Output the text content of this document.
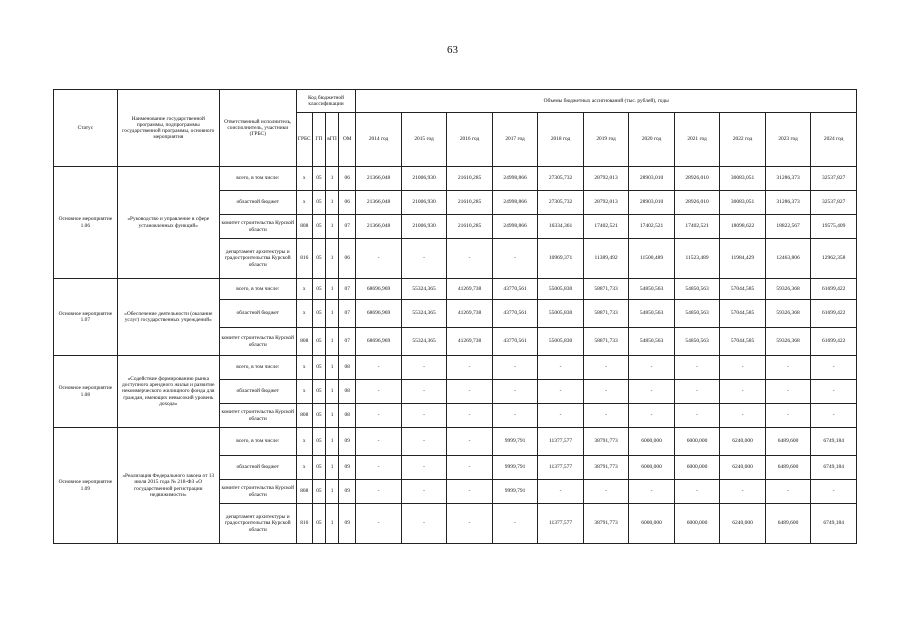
63
Статус	Наименование государственной программы, подпрограммы государственной программы, основного мероприятия	Ответственный исполнитель, соисполнитель, участники (ГРБС)	Код бюджетной классификации				Объемы бюджетных ассигнований (тыс. рублей), годы										
			ГРБС	ГП	вГП	ОМ	2014 год	2015 год	2016 год	2017 год	2018 год	2019 год	2020 год	2021 год	2022 год	2023 год	2024 год
Основное мероприятие 1.06	«Руководство и управление в сфере установленных функций»	всего, в том числе:	х	05	1	06	21366,048	21006,930	21610,285	24998,866	27305,732	28792,013	28903,010	28926,010	30083,051	31286,373	32537,827
		областной бюджет	х	05	1	06	21366,048	21006,930	21610,285	24998,866	27305,732	28792,013	28903,010	28926,010	30083,051	31286,373	32537,827
		комитет строительства Курской области	808	05	1	07	21366,048	21006,930	21610,285	24998,866	16334,361	17402,521	17402,521	17402,521	18098,622	18822,567	19575,409
		департамент архитектуры и градостроительства Курской области	816	05	1	06	-	-	-	-	10969,371	11389,492	11500,489	11523,489	11984,429	12463,806	12962,358
Основное мероприятие 1.07	«Обеспечение деятельности (оказание услуг) государственных учреждений»	всего, в том числе:	х	05	1	07	68696,969	55324,365	41269,738	43770,561	55005,830	58871,733	54850,563	54850,563	57044,585	59326,368	61699,422
		областной бюджет	х	05	1	07	68696,969	55324,365	41269,738	43770,561	55005,830	58871,733	54850,563	54850,563	57044,585	59326,368	61699,422
		комитет строительства Курской области	808	05	1	07	68696,969	55324,365	41269,738	43770,561	55005,830	58871,733	54850,563	54850,563	57044,585	59326,368	61699,422
Основное мероприятие 1.08	«Содействие формированию рынка доступного арендного жилья и развитие некоммерческого жилищного фонда для граждан, имеющих невысокий уровень дохода»	всего, в том числе:	х	05	1	08	-	-	-	-	-	-	-	-	-	-	-
		областной бюджет	х	05	1	08	-	-	-	-	-	-	-	-	-	-	-
		комитет строительства Курской области	808	05	1	08	-	-	-	-	-	-	-	-	-	-	-
Основное мероприятие 1.09	«Реализация Федерального закона от 13 июля 2015 года № 218-ФЗ «О государственной регистрации недвижимости»	всего, в том числе:	х	05	1	09	-	-	-	9999,791	11377,577	38791,773	6000,000	6000,000	6240,000	6489,600	6749,184
		областной бюджет	х	05	1	09	-	-	-	9999,791	11377,577	38791,773	6000,000	6000,000	6240,000	6489,600	6749,184
		комитет строительства Курской области	808	05	1	09	-	-	-	9999,791	-	-	-	-	-	-	-
		департамент архитектуры и градостроительства Курской области	816	05	1	09	-	-	-	-	11377,577	38791,773	6000,000	6000,000	6240,000	6489,600	6749,184
